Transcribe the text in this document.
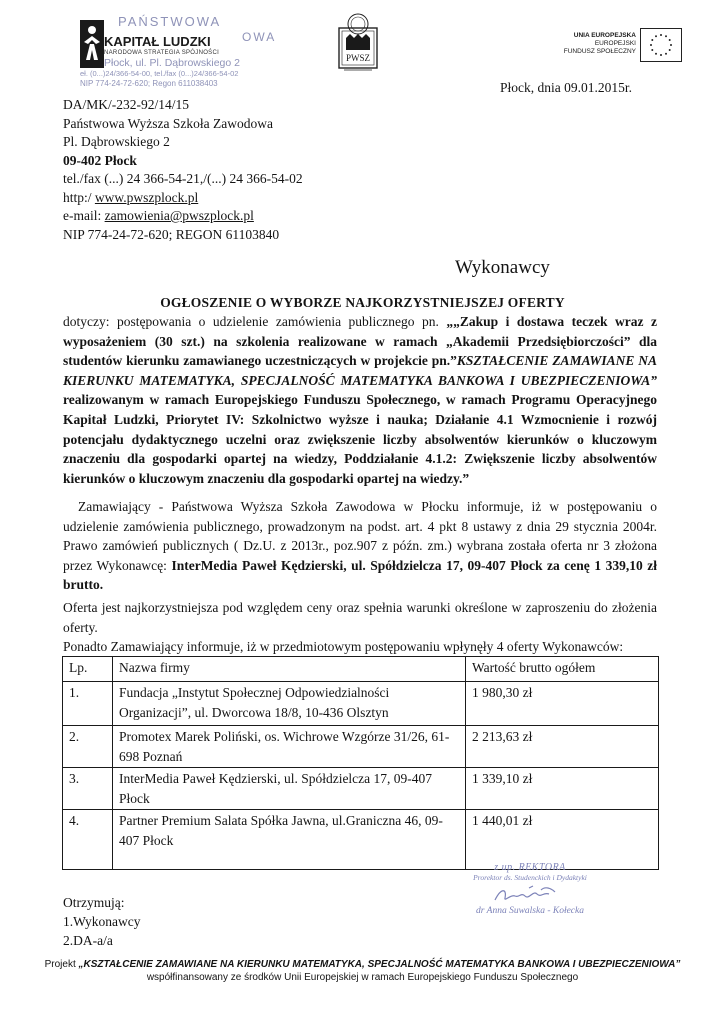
PAŃSTWOWA
OWA
KAPITAŁ LUDZKI
NARODOWA STRATEGIA SPÓJNOŚCI
Płock, ul. Pl. Dąbrowskiego 2
eł. (0...)24/366-54-00, tel./fax (0...)24/366-54-02
NIP 774-24-72-620; Regon 611038403
PWSZ
UNIA EUROPEJSKA
EUROPEJSKI
FUNDUSZ SPOŁECZNY
Płock, dnia 09.01.2015r.
DA/MK/-232-92/14/15
Państwowa Wyższa Szkoła Zawodowa
Pl. Dąbrowskiego 2
09-402 Płock
tel./fax (...) 24 366-54-21,/(...) 24 366-54-02
http:/ www.pwszplock.pl
e-mail: zamowienia@pwszplock.pl
NIP 774-24-72-620; REGON 61103840
Wykonawcy
OGŁOSZENIE O WYBORZE NAJKORZYSTNIEJSZEJ OFERTY
dotyczy: postępowania o udzielenie zamówienia publicznego pn. „„Zakup i dostawa teczek wraz z wyposażeniem (30 szt.) na szkolenia realizowane w ramach „Akademii Przedsiębiorczości” dla studentów kierunku zamawianego uczestniczących w projekcie pn.”KSZTAŁCENIE ZAMAWIANE NA KIERUNKU MATEMATYKA, SPECJALNOŚĆ MATEMATYKA BANKOWA I UBEZPIECZENIOWA” realizowanym w ramach Europejskiego Funduszu Społecznego, w ramach Programu Operacyjnego Kapitał Ludzki, Priorytet IV: Szkolnictwo wyższe i nauka; Działanie 4.1 Wzmocnienie i rozwój potencjału dydaktycznego uczelni oraz zwiększenie liczby absolwentów kierunków o kluczowym znaczeniu dla gospodarki opartej na wiedzy, Poddziałanie 4.1.2: Zwiększenie liczby absolwentów kierunków o kluczowym znaczeniu dla gospodarki opartej na wiedzy.”
Zamawiający - Państwowa Wyższa Szkoła Zawodowa w Płocku informuje, iż w postępowaniu o udzielenie zamówienia publicznego, prowadzonym na podst. art. 4 pkt 8 ustawy z dnia 29 stycznia 2004r. Prawo zamówień publicznych ( Dz.U. z 2013r., poz.907 z późn. zm.) wybrana została oferta nr 3 złożona przez Wykonawcę: InterMedia Paweł Kędzierski, ul. Spółdzielcza 17, 09-407 Płock za cenę 1 339,10 zł brutto.
Oferta jest najkorzystniejsza pod względem ceny oraz spełnia warunki określone w zaproszeniu do złożenia oferty.
Ponadto Zamawiający informuje, iż w przedmiotowym postępowaniu wpłynęły 4 oferty Wykonawców:
Lp.	Nazwa firmy	Wartość brutto ogółem
1.	Fundacja „Instytut Społecznej Odpowiedzialności Organizacji”, ul. Dworcowa 18/8, 10-436 Olsztyn	1 980,30 zł
2.	Promotex Marek Poliński, os. Wichrowe Wzgórze 31/26, 61-698 Poznań	2 213,63 zł
3.	InterMedia Paweł Kędzierski, ul. Spółdzielcza 17, 09-407 Płock	1 339,10 zł
4.	Partner Premium Salata Spółka Jawna, ul.Graniczna 46, 09-407 Płock	1 440,01 zł
z up. REKTORA
Prorektor ds. Studenckich i Dydaktyki
dr Anna Suwalska - Kołecka
Otrzymują:
1.Wykonawcy
2.DA-a/a
Projekt „KSZTAŁCENIE ZAMAWIANE NA KIERUNKU MATEMATYKA, SPECJALNOŚĆ MATEMATYKA BANKOWA I UBEZPIECZENIOWA”
współfinansowany ze środków Unii Europejskiej w ramach Europejskiego Funduszu Społecznego
